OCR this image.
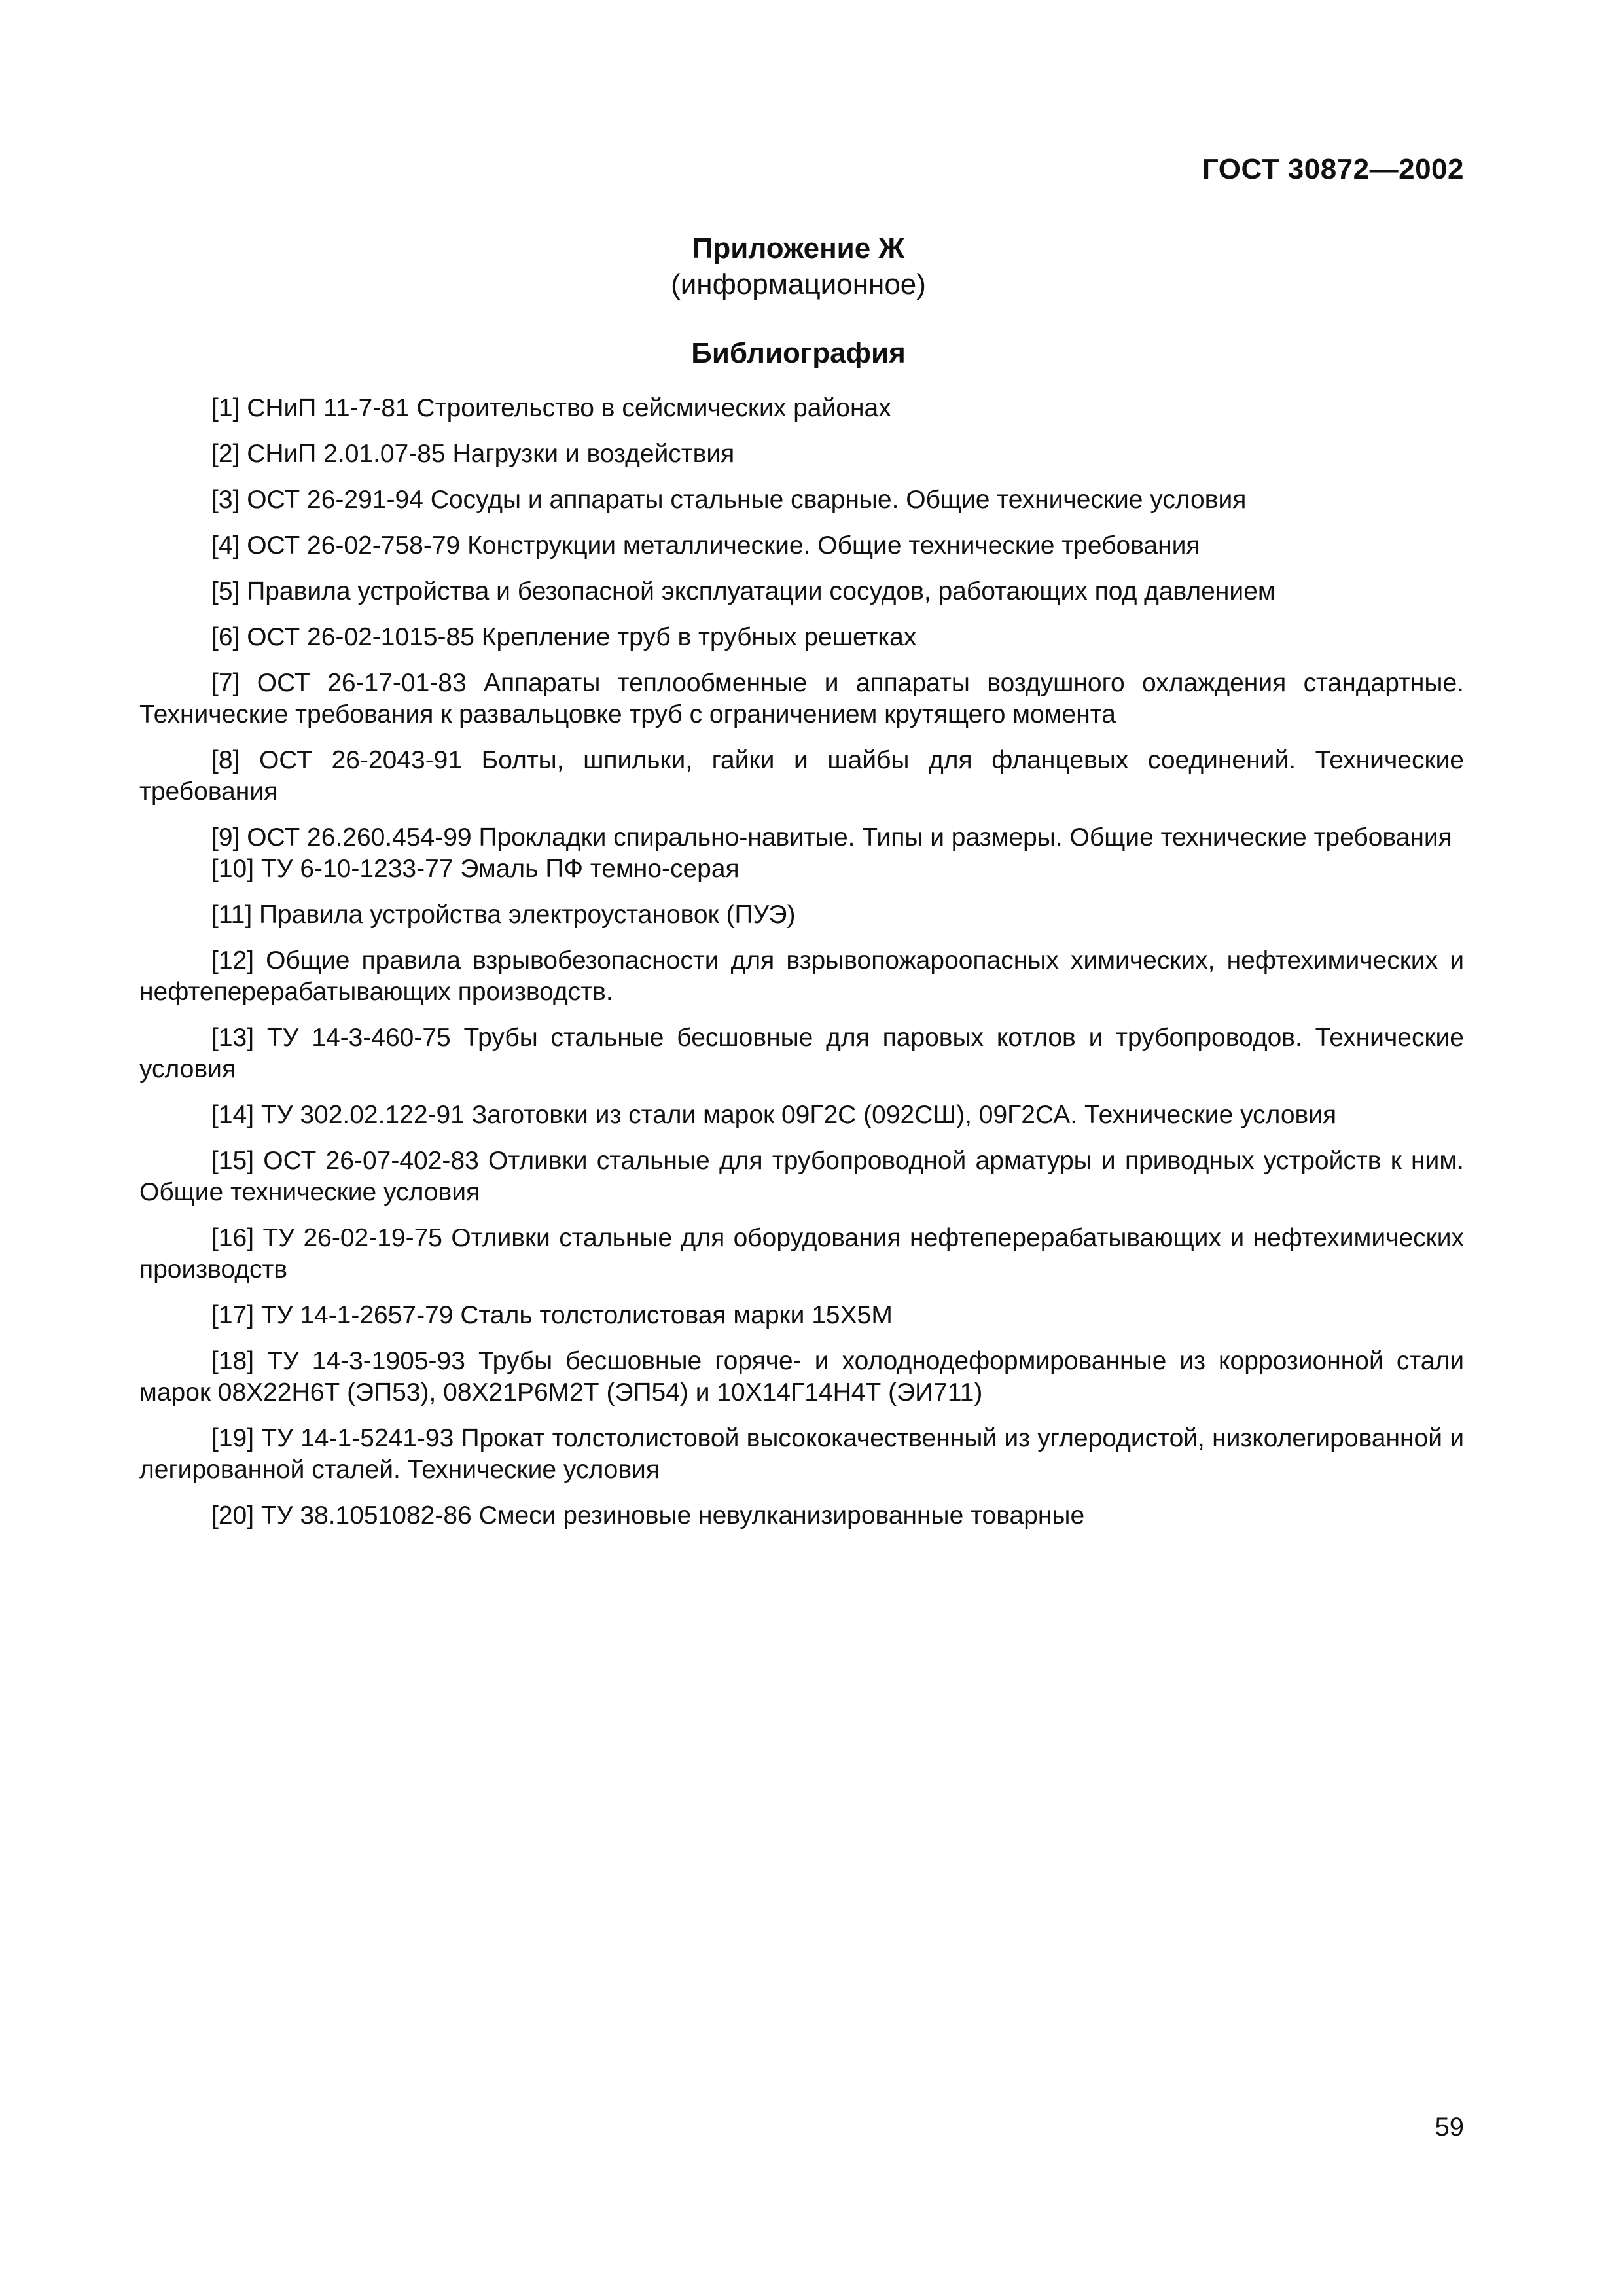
ГОСТ 30872—2002
Приложение Ж
(информационное)
Библиография
[1] СНиП 11-7-81 Строительство в сейсмических районах
[2] СНиП 2.01.07-85 Нагрузки и воздействия
[3] ОСТ 26-291-94 Сосуды и аппараты стальные сварные. Общие технические условия
[4] ОСТ 26-02-758-79 Конструкции металлические. Общие технические требования
[5] Правила устройства и безопасной эксплуатации сосудов, работающих под давлением
[6] ОСТ 26-02-1015-85 Крепление труб в трубных решетках
[7] ОСТ 26-17-01-83 Аппараты теплообменные и аппараты воздушного охлаждения стандартные. Технические требования к развальцовке труб с ограничением крутящего момента
[8] ОСТ 26-2043-91 Болты, шпильки, гайки и шайбы для фланцевых соединений. Технические требования
[9] ОСТ 26.260.454-99 Прокладки спирально-навитые. Типы и размеры. Общие технические требования
[10] ТУ 6-10-1233-77 Эмаль ПФ темно-серая
[11] Правила устройства электроустановок (ПУЭ)
[12] Общие правила взрывобезопасности для взрывопожароопасных химических, нефтехимических и нефтеперерабатывающих производств.
[13] ТУ 14-3-460-75 Трубы стальные бесшовные для паровых котлов и трубопроводов. Технические условия
[14] ТУ 302.02.122-91 Заготовки из стали марок 09Г2С (092СШ), 09Г2СА. Технические условия
[15] ОСТ 26-07-402-83 Отливки стальные для трубопроводной арматуры и приводных устройств к ним. Общие технические условия
[16] ТУ 26-02-19-75 Отливки стальные для оборудования нефтеперерабатывающих и нефтехимических производств
[17] ТУ 14-1-2657-79 Сталь толстолистовая марки 15Х5М
[18] ТУ 14-3-1905-93 Трубы бесшовные горяче- и холоднодеформированные из коррозионной стали марок 08Х22Н6Т (ЭП53), 08Х21Р6М2Т (ЭП54) и 10Х14Г14Н4Т (ЭИ711)
[19] ТУ 14-1-5241-93 Прокат толстолистовой высококачественный из углеродистой, низколегированной и легированной сталей. Технические условия
[20] ТУ 38.1051082-86 Смеси резиновые невулканизированные товарные
59
